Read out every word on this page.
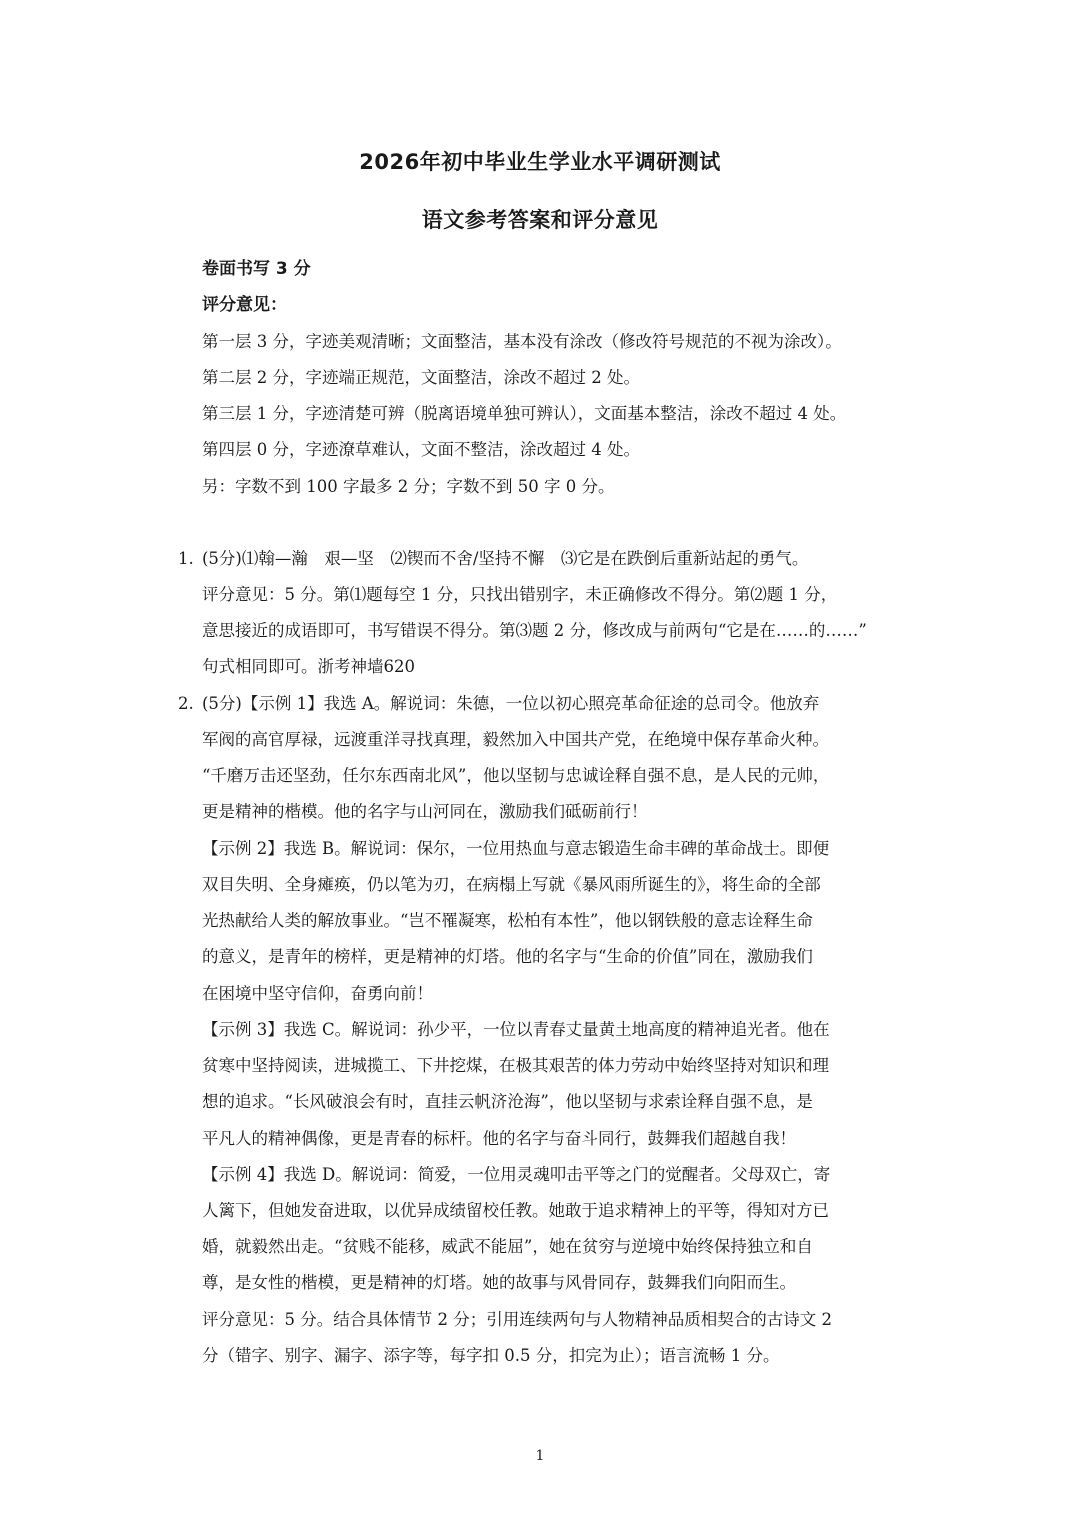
2026年初中毕业生学业水平调研测试
语文参考答案和评分意见
卷面书写 3 分
评分意见：
第一层 3 分，字迹美观清晰；文面整洁，基本没有涂改（修改符号规范的不视为涂改）。
第二层 2 分，字迹端正规范，文面整洁，涂改不超过 2 处。
第三层 1 分，字迹清楚可辨（脱离语境单独可辨认），文面基本整洁，涂改不超过 4 处。
第四层 0 分，字迹潦草难认，文面不整洁，涂改超过 4 处。
另：字数不到 100 字最多 2 分；字数不到 50 字 0 分。
1. (5分)⑴翰—瀚　艰—坚　⑵锲而不舍/坚持不懈　⑶它是在跌倒后重新站起的勇气。
评分意见：5 分。第⑴题每空 1 分，只找出错别字，未正确修改不得分。第⑵题 1 分，
意思接近的成语即可，书写错误不得分。第⑶题 2 分，修改成与前两句“它是在……的……”
句式相同即可。浙考神墙620
2. (5分)【示例 1】我选 A。解说词：朱德，一位以初心照亮革命征途的总司令。他放弃
军阀的高官厚禄，远渡重洋寻找真理，毅然加入中国共产党，在绝境中保存革命火种。
“千磨万击还坚劲，任尔东西南北风”，他以坚韧与忠诚诠释自强不息，是人民的元帅，
更是精神的楷模。他的名字与山河同在，激励我们砥砺前行！
【示例 2】我选 B。解说词：保尔，一位用热血与意志锻造生命丰碑的革命战士。即便
双目失明、全身瘫痪，仍以笔为刃，在病榻上写就《暴风雨所诞生的》，将生命的全部
光热献给人类的解放事业。“岂不罹凝寒，松柏有本性”，他以钢铁般的意志诠释生命
的意义，是青年的榜样，更是精神的灯塔。他的名字与“生命的价值”同在，激励我们
在困境中坚守信仰，奋勇向前！
【示例 3】我选 C。解说词：孙少平，一位以青春丈量黄土地高度的精神追光者。他在
贫寒中坚持阅读，进城揽工、下井挖煤，在极其艰苦的体力劳动中始终坚持对知识和理
想的追求。“长风破浪会有时，直挂云帆济沧海”，他以坚韧与求索诠释自强不息，是
平凡人的精神偶像，更是青春的标杆。他的名字与奋斗同行，鼓舞我们超越自我！
【示例 4】我选 D。解说词：简爱，一位用灵魂叩击平等之门的觉醒者。父母双亡，寄
人篱下，但她发奋进取，以优异成绩留校任教。她敢于追求精神上的平等，得知对方已
婚，就毅然出走。“贫贱不能移，威武不能屈”，她在贫穷与逆境中始终保持独立和自
尊，是女性的楷模，更是精神的灯塔。她的故事与风骨同存，鼓舞我们向阳而生。
评分意见：5 分。结合具体情节 2 分；引用连续两句与人物精神品质相契合的古诗文 2
分（错字、别字、漏字、添字等，每字扣 0.5 分，扣完为止）；语言流畅 1 分。
1
